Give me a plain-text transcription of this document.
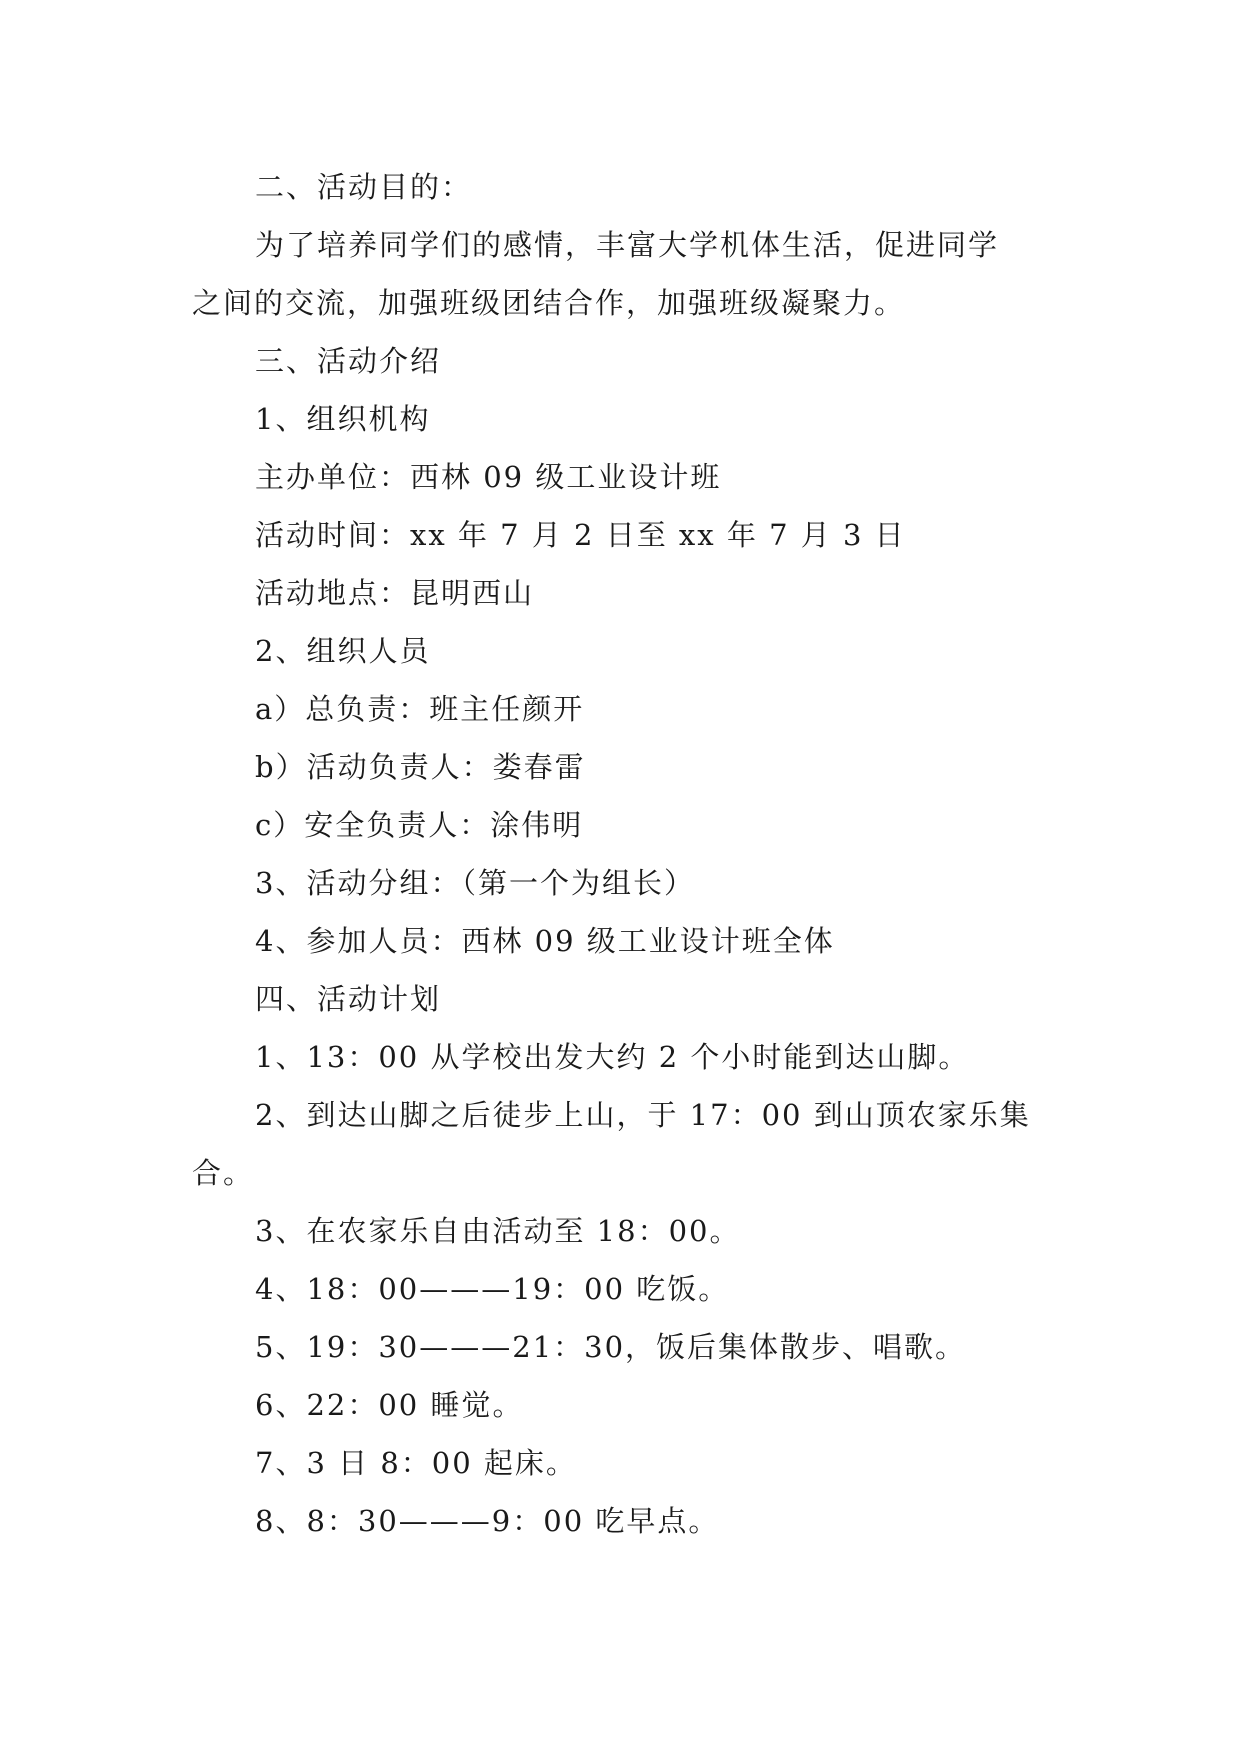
二、活动目的：
为了培养同学们的感情，丰富大学机体生活，促进同学
之间的交流，加强班级团结合作，加强班级凝聚力。
三、活动介绍
1、组织机构
主办单位：西林 09 级工业设计班
活动时间：xx 年 7 月 2 日至 xx 年 7 月 3 日
活动地点：昆明西山
2、组织人员
a）总负责：班主任颜开
b）活动负责人：娄春雷
c）安全负责人：涂伟明
3、活动分组：（第一个为组长）
4、参加人员：西林 09 级工业设计班全体
四、活动计划
1、13：00 从学校出发大约 2 个小时能到达山脚。
2、到达山脚之后徒步上山，于 17：00 到山顶农家乐集
合。
3、在农家乐自由活动至 18：00。
4、18：00———19：00 吃饭。
5、19：30———21：30，饭后集体散步、唱歌。
6、22：00 睡觉。
7、3 日 8：00 起床。
8、8：30———9：00 吃早点。
